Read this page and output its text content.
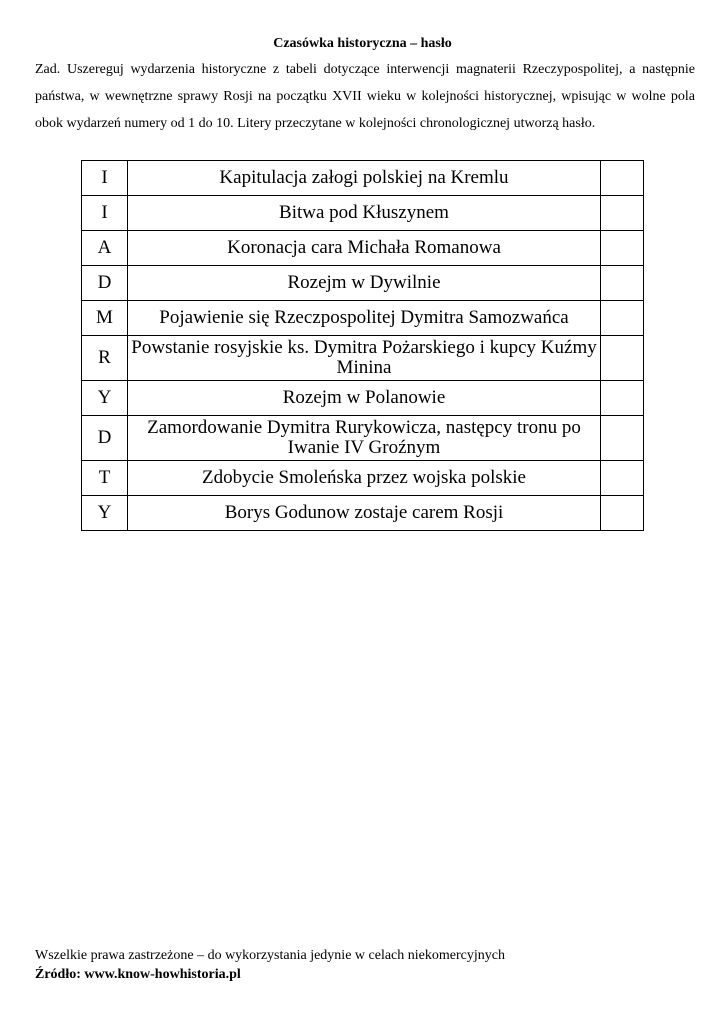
Czasówka historyczna – hasło
Zad. Uszereguj wydarzenia historyczne z tabeli dotyczące interwencji magnaterii Rzeczypospolitej, a następnie państwa, w wewnętrzne sprawy Rosji na początku XVII wieku w kolejności historycznej, wpisując w wolne pola obok wydarzeń numery od 1 do 10. Litery przeczytane w kolejności chronologicznej utworzą hasło.
I	Kapitulacja załogi polskiej na Kremlu	
I	Bitwa pod Kłuszynem	
A	Koronacja cara Michała Romanowa	
D	Rozejm w Dywilnie	
M	Pojawienie się Rzeczpospolitej Dymitra Samozwańca	
R	Powstanie rosyjskie ks. Dymitra Pożarskiego i kupcy Kuźmy Minina	
Y	Rozejm w Polanowie	
D	Zamordowanie Dymitra Rurykowicza, następcy tronu po Iwanie IV Groźnym	
T	Zdobycie Smoleńska przez wojska polskie	
Y	Borys Godunow zostaje carem Rosji	
Wszelkie prawa zastrzeżone – do wykorzystania jedynie w celach niekomercyjnych
Źródło: www.know-howhistoria.pl
